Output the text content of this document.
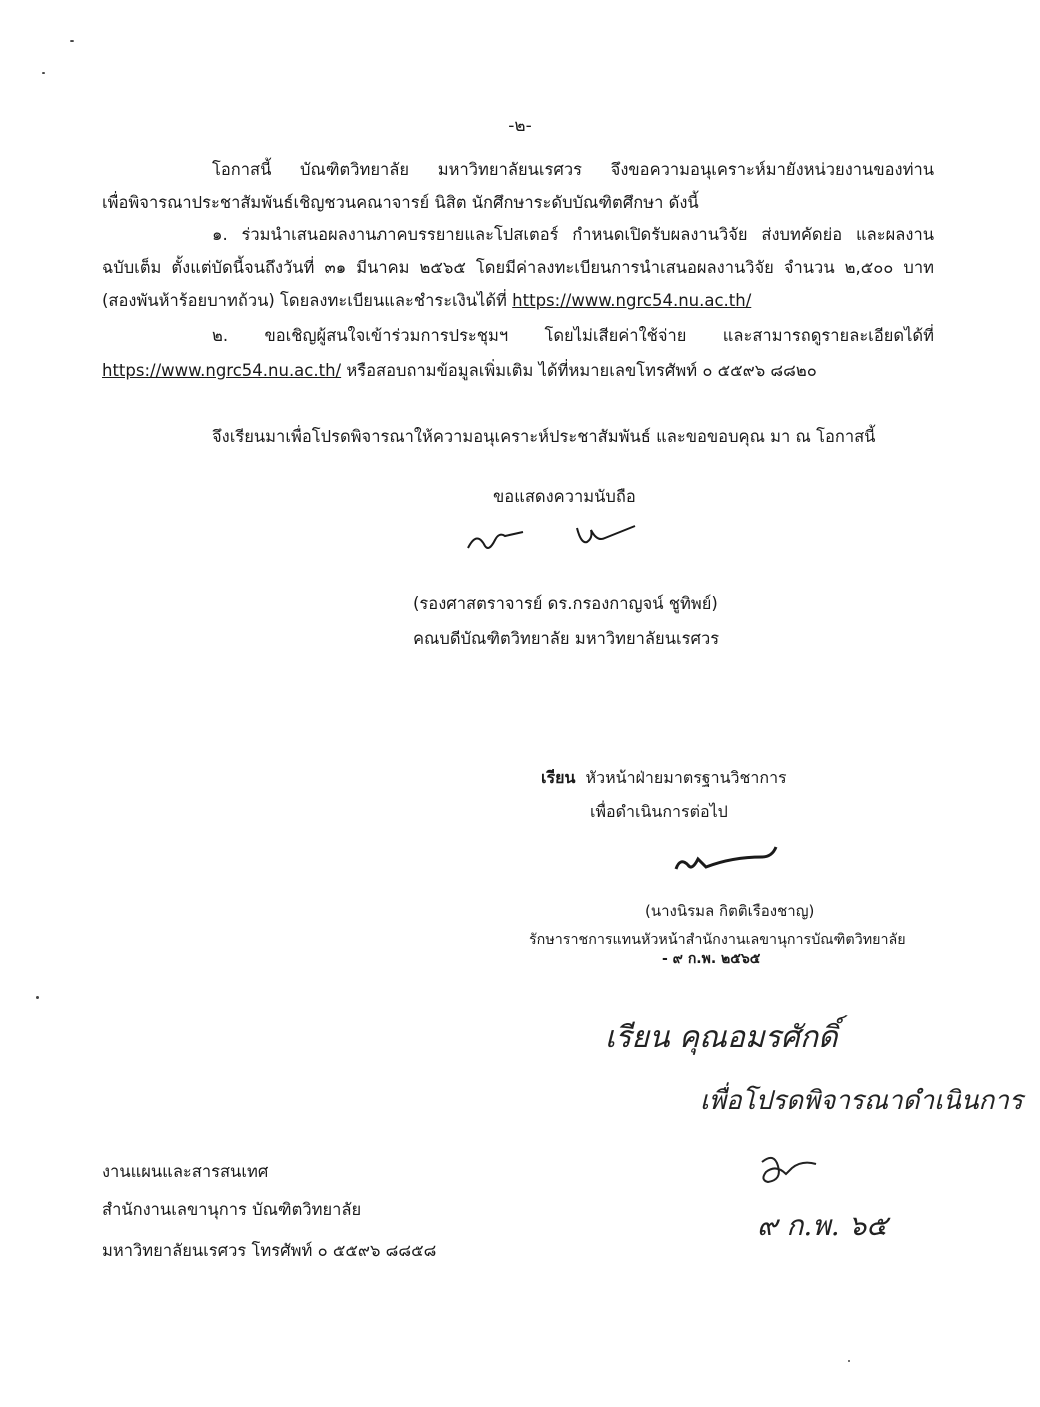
-๒-
โอกาสนี้ บัณฑิตวิทยาลัย มหาวิทยาลัยนเรศวร จึงขอความอนุเคราะห์มายังหน่วยงานของท่าน
เพื่อพิจารณาประชาสัมพันธ์เชิญชวนคณาจารย์ นิสิต นักศึกษาระดับบัณฑิตศึกษา ดังนี้
๑. ร่วมนำเสนอผลงานภาคบรรยายและโปสเตอร์ กำหนดเปิดรับผลงานวิจัย ส่งบทคัดย่อ และผลงาน
ฉบับเต็ม ตั้งแต่บัดนี้จนถึงวันที่ ๓๑ มีนาคม ๒๕๖๕ โดยมีค่าลงทะเบียนการนำเสนอผลงานวิจัย จำนวน ๒,๕๐๐ บาท
(สองพันห้าร้อยบาทถ้วน) โดยลงทะเบียนและชำระเงินได้ที่ https://www.ngrc54.nu.ac.th/
๒. ขอเชิญผู้สนใจเข้าร่วมการประชุมฯ โดยไม่เสียค่าใช้จ่าย และสามารถดูรายละเอียดได้ที่
https://www.ngrc54.nu.ac.th/ หรือสอบถามข้อมูลเพิ่มเติม ได้ที่หมายเลขโทรศัพท์ ๐ ๕๕๙๖ ๘๘๒๐
จึงเรียนมาเพื่อโปรดพิจารณาให้ความอนุเคราะห์ประชาสัมพันธ์ และขอขอบคุณ มา ณ โอกาสนี้
ขอแสดงความนับถือ
(รองศาสตราจารย์ ดร.กรองกาญจน์ ชูทิพย์)
คณบดีบัณฑิตวิทยาลัย มหาวิทยาลัยนเรศวร
เรียน หัวหน้าฝ่ายมาตรฐานวิชาการ
เพื่อดำเนินการต่อไป
(นางนิรมล กิตติเรืองชาญ)
รักษาราชการแทนหัวหน้าสำนักงานเลขานุการบัณฑิตวิทยาลัย
- ๙ ก.พ. ๒๕๖๕
เรียน คุณอมรศักดิ์
เพื่อโปรดพิจารณาดำเนินการ
๙ ก.พ. ๖๕
งานแผนและสารสนเทศ
สำนักงานเลขานุการ บัณฑิตวิทยาลัย
มหาวิทยาลัยนเรศวร โทรศัพท์ ๐ ๕๕๙๖ ๘๘๕๘
